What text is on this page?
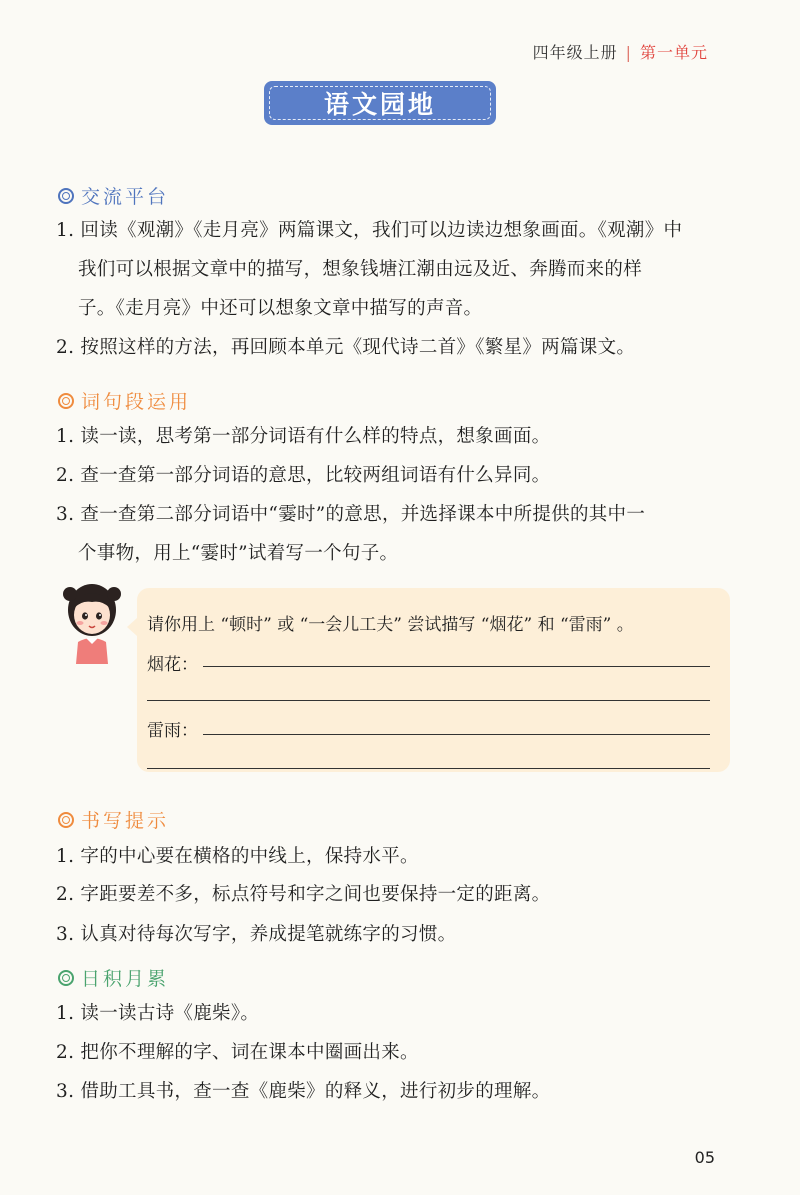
四年级上册 | 第一单元
语文园地
交流平台
1. 回读《观潮》《走月亮》两篇课文，我们可以边读边想象画面。《观潮》中
我们可以根据文章中的描写，想象钱塘江潮由远及近、奔腾而来的样
子。《走月亮》中还可以想象文章中描写的声音。
2. 按照这样的方法，再回顾本单元《现代诗二首》《繁星》两篇课文。
词句段运用
1. 读一读，思考第一部分词语有什么样的特点，想象画面。
2. 查一查第一部分词语的意思，比较两组词语有什么异同。
3. 查一查第二部分词语中“霎时”的意思，并选择课本中所提供的其中一
个事物，用上“霎时”试着写一个句子。
请你用上 “顿时” 或 “一会儿工夫” 尝试描写 “烟花” 和 “雷雨” 。
烟花：
雷雨：
书写提示
1. 字的中心要在横格的中线上，保持水平。
2. 字距要差不多，标点符号和字之间也要保持一定的距离。
3. 认真对待每次写字，养成提笔就练字的习惯。
日积月累
1. 读一读古诗《鹿柴》。
2. 把你不理解的字、词在课本中圈画出来。
3. 借助工具书，查一查《鹿柴》的释义，进行初步的理解。
05
